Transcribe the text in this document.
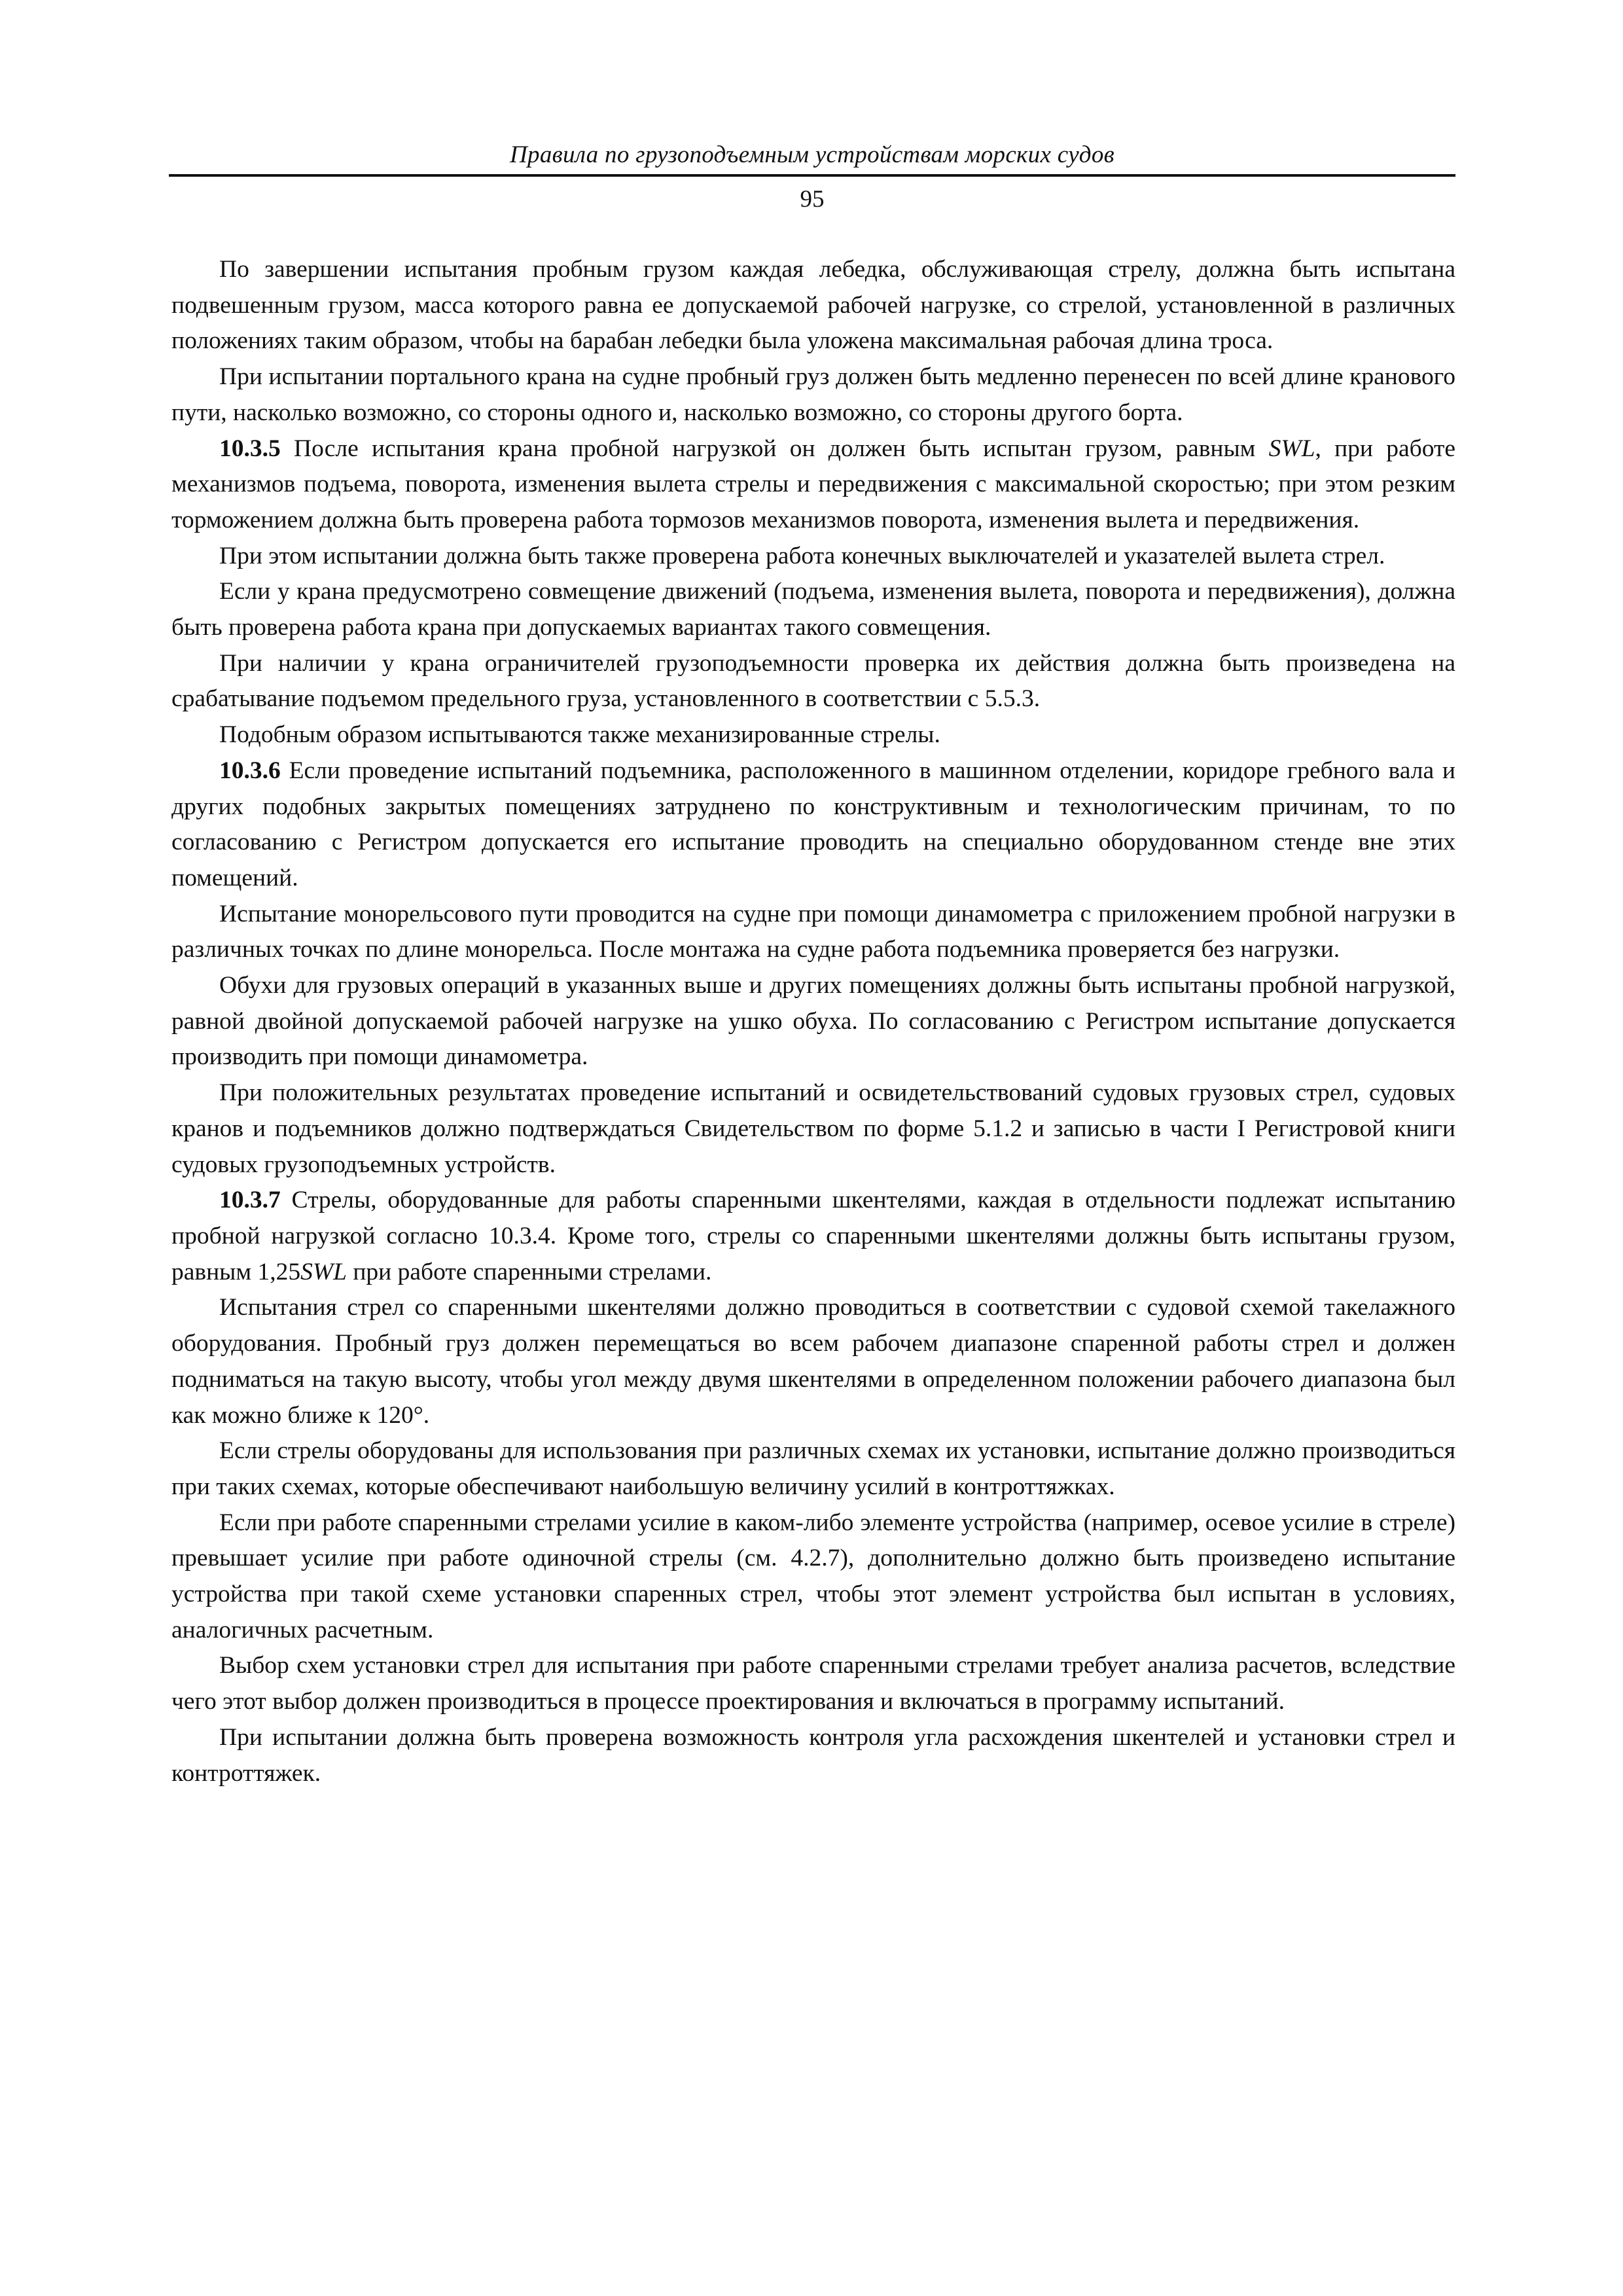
Правила по грузоподъемным устройствам морских судов
95

По завершении испытания пробным грузом каждая лебедка, обслуживающая стрелу, должна быть испытана подвешенным грузом, масса которого равна ее допускаемой рабочей нагрузке, со стрелой, установленной в различных положениях таким образом, чтобы на барабан лебедки была уложена максимальная рабочая длина троса.

При испытании портального крана на судне пробный груз должен быть медленно перенесен по всей длине кранового пути, насколько возможно, со стороны одного и, насколько возможно, со стороны другого борта.

10.3.5 После испытания крана пробной нагрузкой он должен быть испытан грузом, равным SWL, при работе механизмов подъема, поворота, изменения вылета стрелы и передвижения с максимальной скоростью; при этом резким торможением должна быть проверена работа тормозов механизмов поворота, изменения вылета и передвижения.

При этом испытании должна быть также проверена работа конечных выключателей и указателей вылета стрел.

Если у крана предусмотрено совмещение движений (подъема, изменения вылета, поворота и передвижения), должна быть проверена работа крана при допускаемых вариантах такого совмещения.

При наличии у крана ограничителей грузоподъемности проверка их действия должна быть произведена на срабатывание подъемом предельного груза, установленного в соответствии с 5.5.3.

Подобным образом испытываются также механизированные стрелы.

10.3.6 Если проведение испытаний подъемника, расположенного в машинном отделении, коридоре гребного вала и других подобных закрытых помещениях затруднено по конструктивным и технологическим причинам, то по согласованию с Регистром допускается его испытание проводить на специально оборудованном стенде вне этих помещений.

Испытание монорельсового пути проводится на судне при помощи динамометра с приложением пробной нагрузки в различных точках по длине монорельса. После монтажа на судне работа подъемника проверяется без нагрузки.

Обухи для грузовых операций в указанных выше и других помещениях должны быть испытаны пробной нагрузкой, равной двойной допускаемой рабочей нагрузке на ушко обуха. По согласованию с Регистром испытание допускается производить при помощи динамометра.

При положительных результатах проведение испытаний и освидетельствований судовых грузовых стрел, судовых кранов и подъемников должно подтверждаться Свидетельством по форме 5.1.2 и записью в части I Регистровой книги судовых грузоподъемных устройств.

10.3.7 Стрелы, оборудованные для работы спаренными шкентелями, каждая в отдельности подлежат испытанию пробной нагрузкой согласно 10.3.4. Кроме того, стрелы со спаренными шкентелями должны быть испытаны грузом, равным 1,25SWL при работе спаренными стрелами.

Испытания стрел со спаренными шкентелями должно проводиться в соответствии с судовой схемой такелажного оборудования. Пробный груз должен перемещаться во всем рабочем диапазоне спаренной работы стрел и должен подниматься на такую высоту, чтобы угол между двумя шкентелями в определенном положении рабочего диапазона был как можно ближе к 120°.

Если стрелы оборудованы для использования при различных схемах их установки, испытание должно производиться при таких схемах, которые обеспечивают наибольшую величину усилий в контроттяжках.

Если при работе спаренными стрелами усилие в каком-либо элементе устройства (например, осевое усилие в стреле) превышает усилие при работе одиночной стрелы (см. 4.2.7), дополнительно должно быть произведено испытание устройства при такой схеме установки спаренных стрел, чтобы этот элемент устройства был испытан в условиях, аналогичных расчетным.

Выбор схем установки стрел для испытания при работе спаренными стрелами требует анализа расчетов, вследствие чего этот выбор должен производиться в процессе проектирования и включаться в программу испытаний.

При испытании должна быть проверена возможность контроля угла расхождения шкентелей и установки стрел и контроттяжек.
